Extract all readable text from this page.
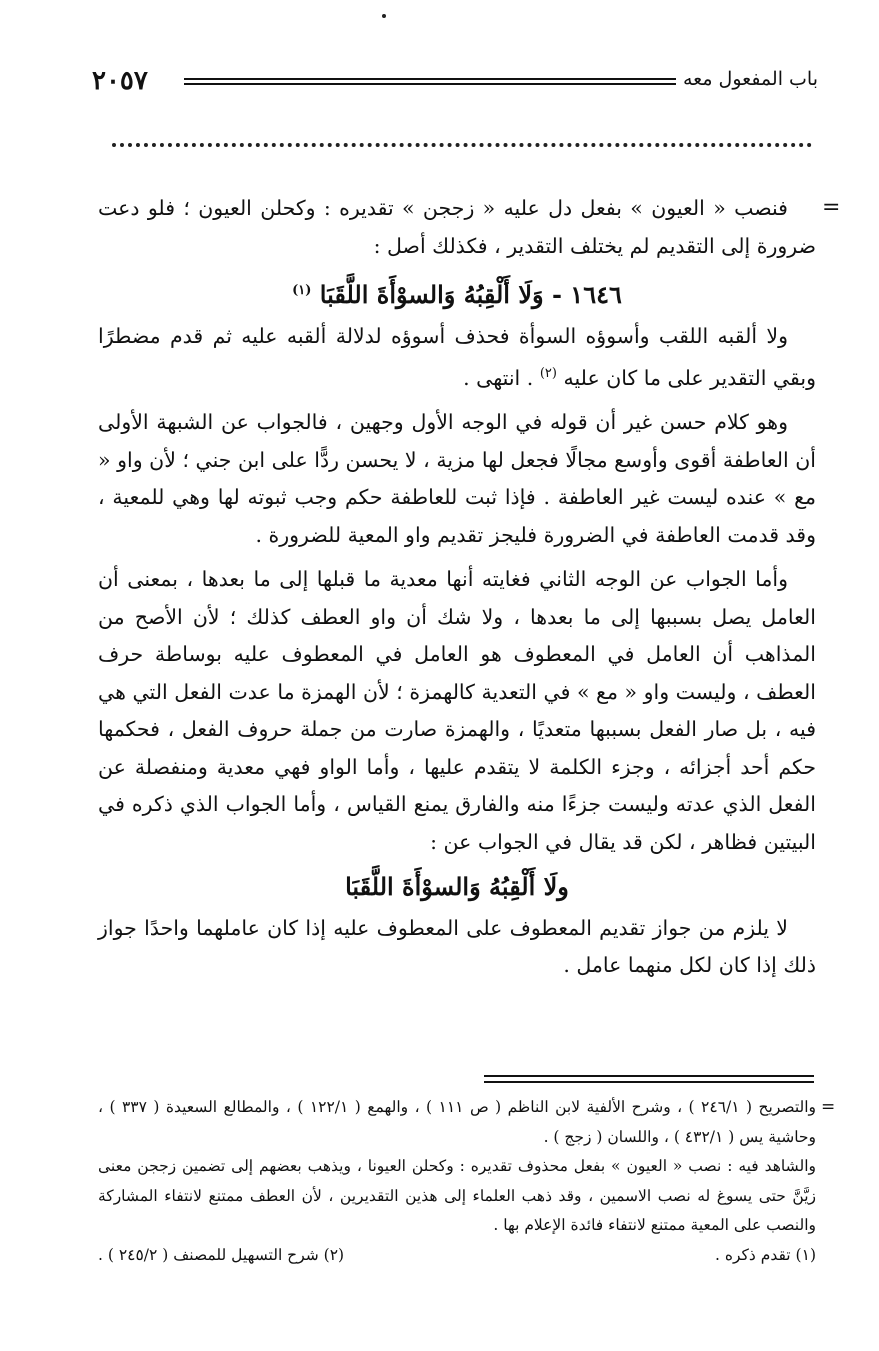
٢٠٥٧	باب المفعول معه
=

فنصب « العيون » بفعل دل عليه « زججن » تقديره : وكحلن العيون ؛ فلو دعت ضرورة إلى التقديم لم يختلف التقدير ، فكذلك أصل :

١٦٤٦ - وَلَا أَلْقِبُهُ وَالسوْأَةَ اللَّقَبَا $^{(١)}$

ولا ألقبه اللقب وأسوؤه السوأة فحذف أسوؤه لدلالة ألقبه عليه ثم قدم مضطرًا وبقي التقدير على ما كان عليه $^{(٢)}$ . انتهى .

وهو كلام حسن غير أن قوله في الوجه الأول وجهين ، فالجواب عن الشبهة الأولى أن العاطفة أقوى وأوسع مجالًا فجعل لها مزية ، لا يحسن ردًّا على ابن جني ؛ لأن واو « مع » عنده ليست غير العاطفة . فإذا ثبت للعاطفة حكم وجب ثبوته لها وهي للمعية ، وقد قدمت العاطفة في الضرورة فليجز تقديم واو المعية للضرورة .

وأما الجواب عن الوجه الثاني فغايته أنها معدية ما قبلها إلى ما بعدها ، بمعنى أن العامل يصل بسببها إلى ما بعدها ، ولا شك أن واو العطف كذلك ؛ لأن الأصح من المذاهب أن العامل في المعطوف هو العامل في المعطوف عليه بوساطة حرف العطف ، وليست واو « مع » في التعدية كالهمزة ؛ لأن الهمزة ما عدت الفعل التي هي فيه ، بل صار الفعل بسببها متعديًا ، والهمزة صارت من جملة حروف الفعل ، فحكمها حكم أحد أجزائه ، وجزء الكلمة لا يتقدم عليها ، وأما الواو فهي معدية ومنفصلة عن الفعل الذي عدته وليست جزءًا منه والفارق يمنع القياس ، وأما الجواب الذي ذكره في البيتين فظاهر ، لكن قد يقال في الجواب عن :

ولَا أَلْقِبُهُ وَالسوْأَةَ اللَّقَبَا

لا يلزم من جواز تقديم المعطوف على المعطوف عليه إذا كان عاملهما واحدًا جواز ذلك إذا كان لكل منهما عامل .

=

والتصريح ( ٢٤٦/١ ) ، وشرح الألفية لابن الناظم ( ص ١١١ ) ، والهمع ( ١٢٢/١ ) ، والمطالع السعيدة ( ٣٣٧ ) ، وحاشية يس ( ٤٣٢/١ ) ، واللسان ( زجج ) .

والشاهد فيه : نصب « العيون » بفعل محذوف تقديره : وكحلن العيونا ، ويذهب بعضهم إلى تضمين زججن معنى زيَّنَّ حتى يسوغ له نصب الاسمين ، وقد ذهب العلماء إلى هذين التقديرين ، لأن العطف ممتنع لانتفاء المشاركة والنصب على المعية ممتنع لانتفاء فائدة الإعلام بها .

(١) تقدم ذكره .
(٢) شرح التسهيل للمصنف ( ٢٤٥/٢ ) .
